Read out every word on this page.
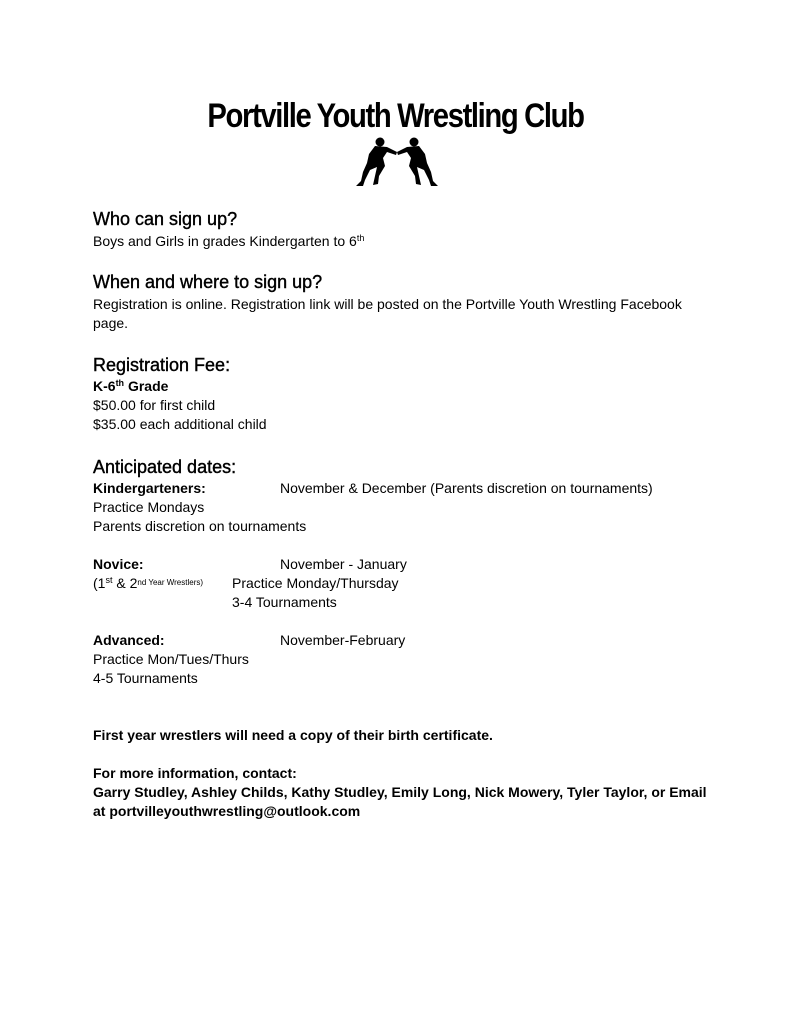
Portville Youth Wrestling Club
Who can sign up?
Boys and Girls in grades Kindergarten to 6th
When and where to sign up?
Registration is online. Registration link will be posted on the Portville Youth Wrestling Facebook
page.
Registration Fee:
K-6th Grade
$50.00 for first child
$35.00 each additional child
Anticipated dates:
Kindergarteners:	November & December (Parents discretion on tournaments)
Practice Mondays
Parents discretion on tournaments
Novice:	November - January
(1st & $2^{nd Year Wrestlers)}$ Practice Monday/Thursday
3-4 Tournaments
Advanced:	November-February
Practice Mon/Tues/Thurs
4-5 Tournaments
First year wrestlers will need a copy of their birth certificate.
For more information, contact:
Garry Studley, Ashley Childs, Kathy Studley, Emily Long, Nick Mowery, Tyler Taylor, or Email
at portvilleyouthwrestling@outlook.com
